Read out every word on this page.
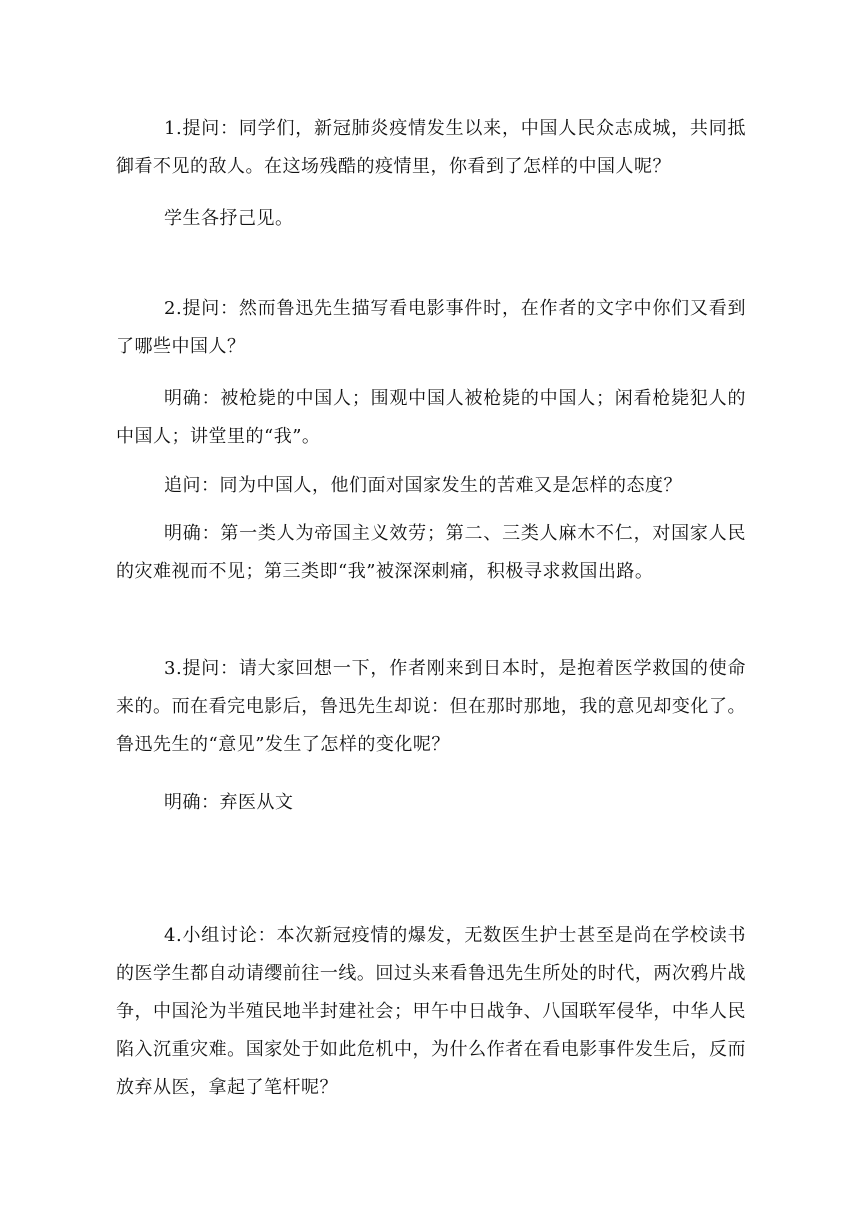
1.提问：同学们，新冠肺炎疫情发生以来，中国人民众志成城，共同抵御看不见的敌人。在这场残酷的疫情里，你看到了怎样的中国人呢？

学生各抒己见。

2.提问：然而鲁迅先生描写看电影事件时，在作者的文字中你们又看到了哪些中国人？

明确：被枪毙的中国人；围观中国人被枪毙的中国人；闲看枪毙犯人的中国人；讲堂里的“我”。

追问：同为中国人，他们面对国家发生的苦难又是怎样的态度？

明确：第一类人为帝国主义效劳；第二、三类人麻木不仁，对国家人民的灾难视而不见；第三类即“我”被深深刺痛，积极寻求救国出路。

3.提问：请大家回想一下，作者刚来到日本时，是抱着医学救国的使命来的。而在看完电影后，鲁迅先生却说：但在那时那地，我的意见却变化了。鲁迅先生的“意见”发生了怎样的变化呢？

明确：弃医从文

4.小组讨论：本次新冠疫情的爆发，无数医生护士甚至是尚在学校读书的医学生都自动请缨前往一线。回过头来看鲁迅先生所处的时代，两次鸦片战争，中国沦为半殖民地半封建社会；甲午中日战争、八国联军侵华，中华人民陷入沉重灾难。国家处于如此危机中，为什么作者在看电影事件发生后，反而放弃从医，拿起了笔杆呢？
